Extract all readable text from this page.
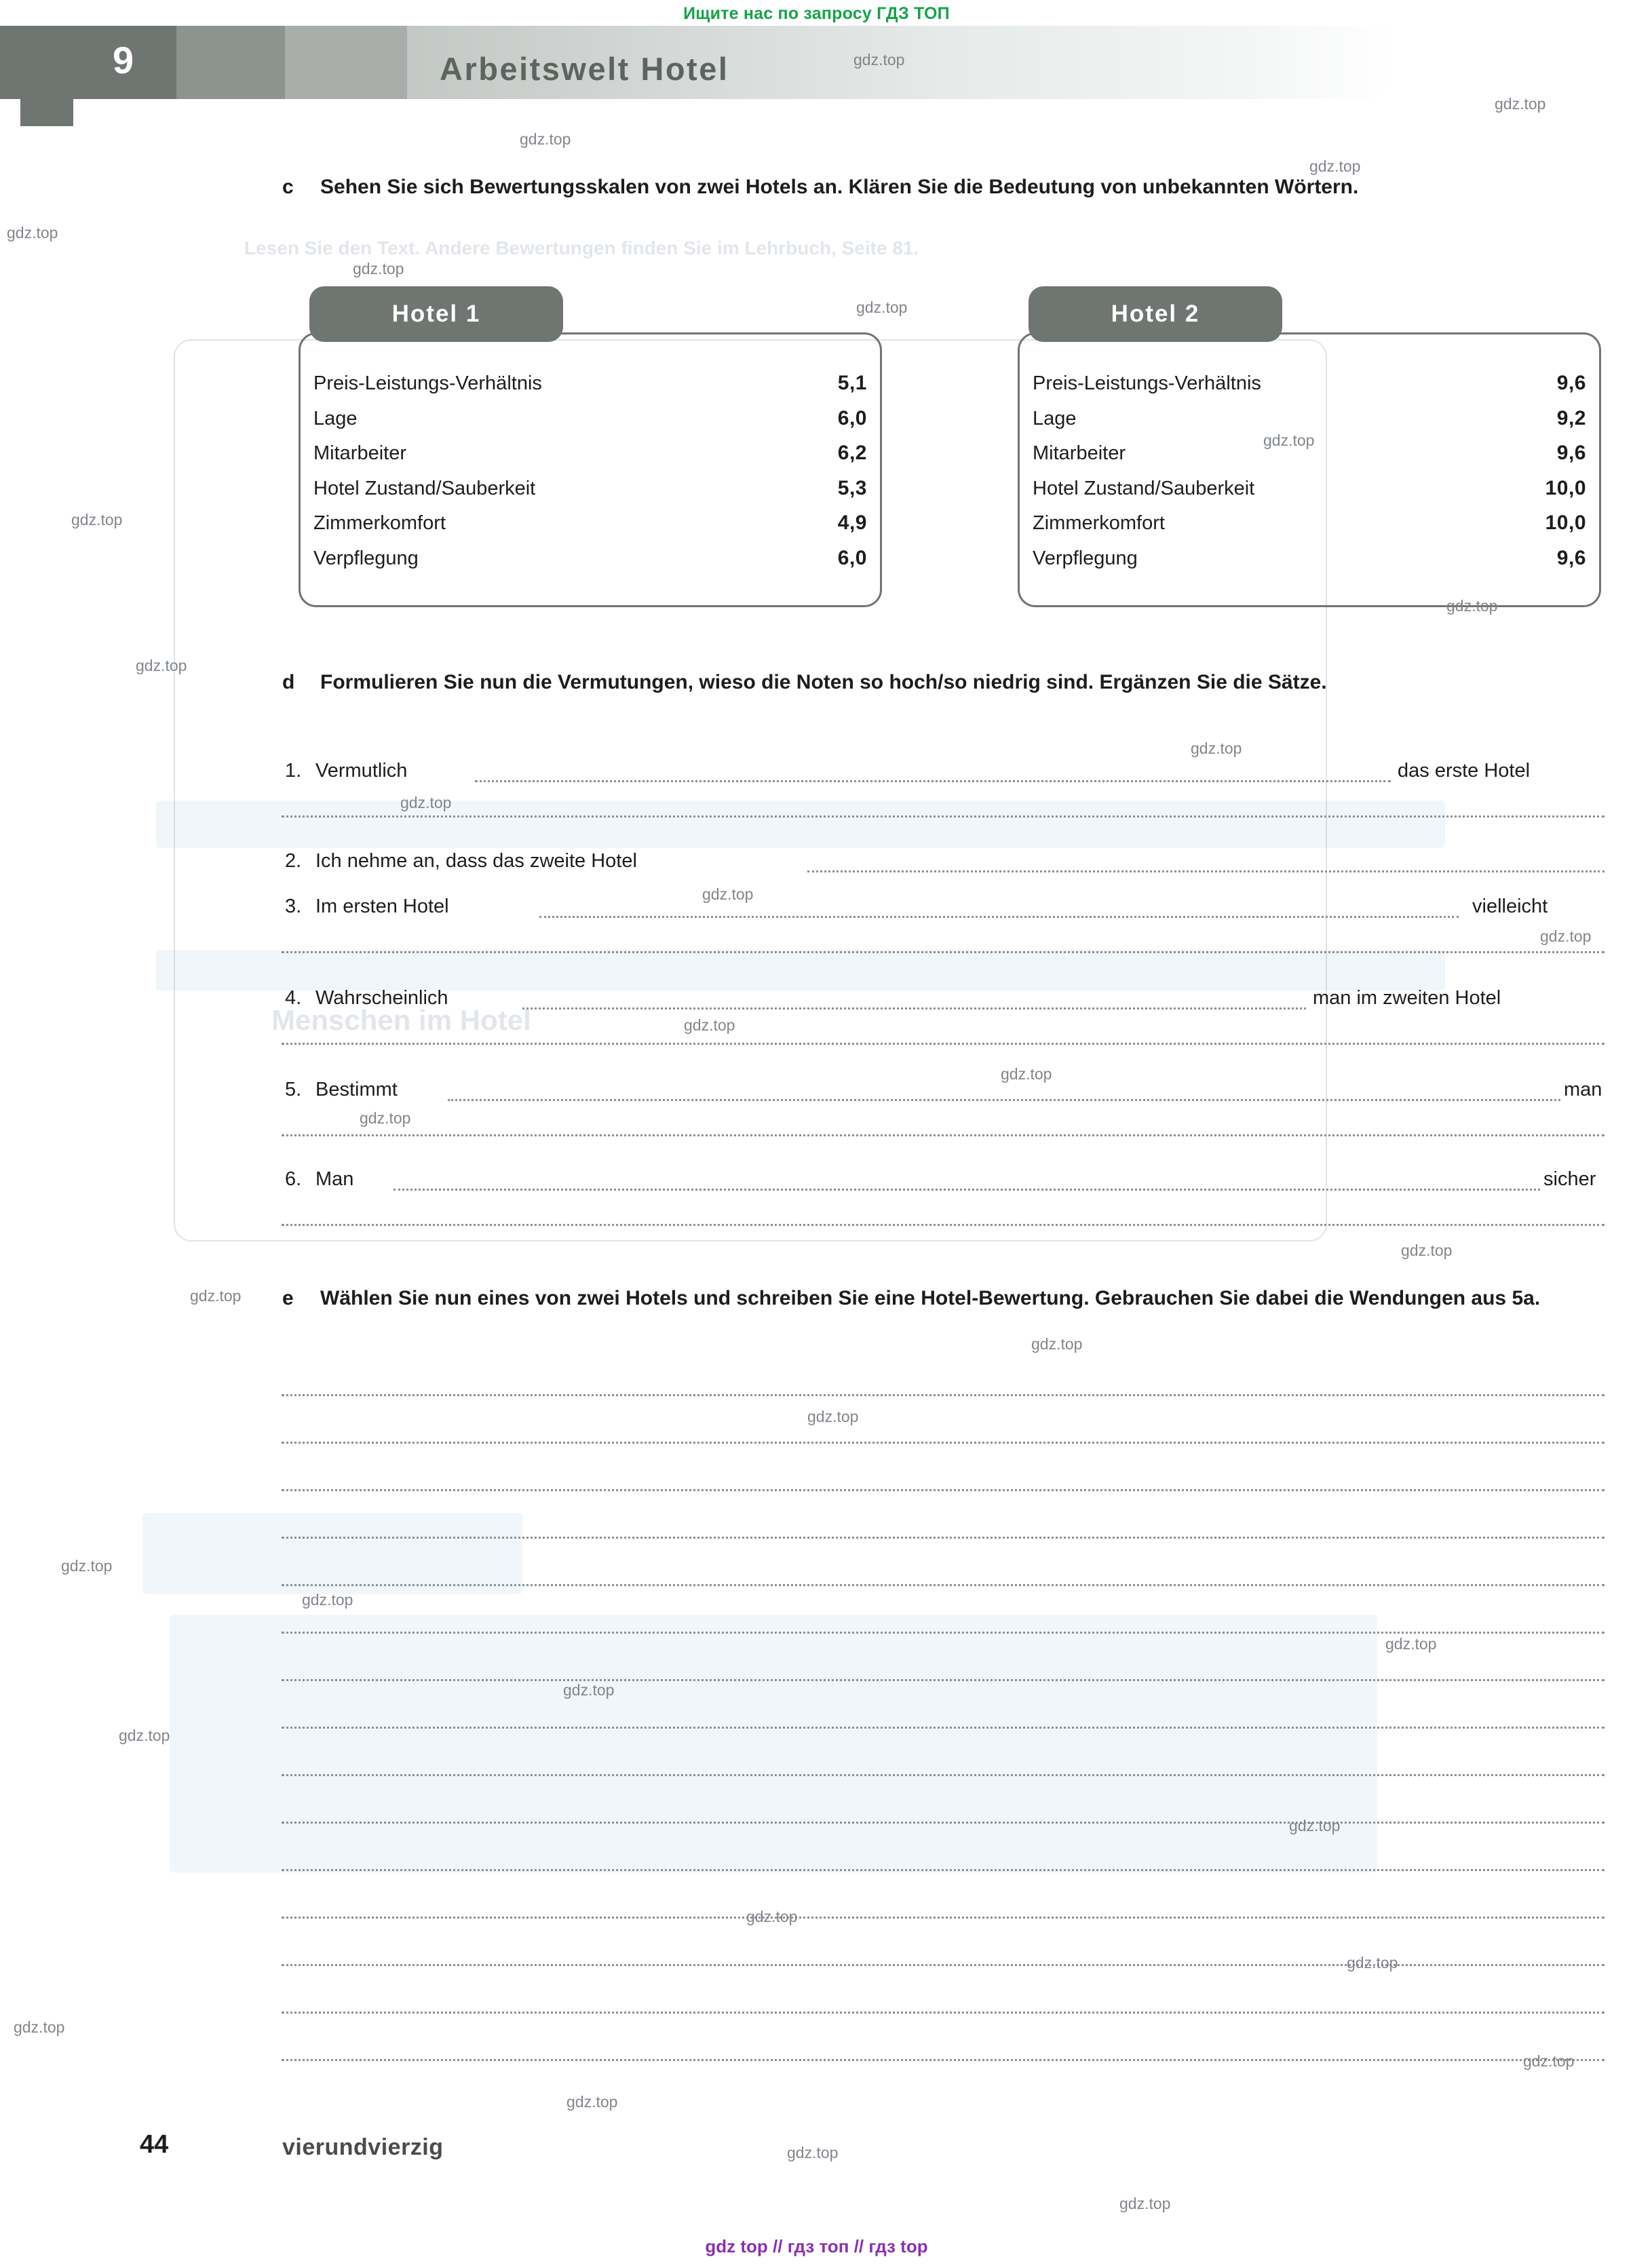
Ищите нас по запросу ГДЗ ТОП
9	Arbeitswelt Hotel
Lesen Sie den Text. Andere Bewertungen finden Sie im Lehrbuch, Seite 81.
Menschen im Hotel
c Sehen Sie sich Bewertungsskalen von zwei Hotels an. Klären Sie die Bedeutung von unbekannten Wörtern.
Hotel 1
Preis-Leistungs-Verhältnis	5,1
Lage	6,0
Mitarbeiter	6,2
Hotel Zustand/Sauberkeit	5,3
Zimmerkomfort	4,9
Verpflegung	6,0
Hotel 2
Preis-Leistungs-Verhältnis	9,6
Lage	9,2
Mitarbeiter	9,6
Hotel Zustand/Sauberkeit	10,0
Zimmerkomfort	10,0
Verpflegung	9,6
d Formulieren Sie nun die Vermutungen, wieso die Noten so hoch/so niedrig sind. Ergänzen Sie die Sätze.
1. Vermutlich	das erste Hotel
2. Ich nehme an, dass das zweite Hotel
3. Im ersten Hotel	vielleicht
4. Wahrscheinlich	man im zweiten Hotel
5. Bestimmt	man
6. Man	sicher
e Wählen Sie nun eines von zwei Hotels und schreiben Sie eine Hotel-Bewertung. Gebrauchen Sie dabei die Wendungen aus 5a.
44	vierundvierzig
gdz top // гдз топ // гдз top
gdz.top
gdz.top
gdz.top
gdz.top
gdz.top
gdz.top
gdz.top
gdz.top
gdz.top
gdz.top
gdz.top
gdz.top
gdz.top
gdz.top
gdz.top
gdz.top
gdz.top
gdz.top
gdz.top
gdz.top
gdz.top
gdz.top
gdz.top
gdz.top
gdz.top
gdz.top
gdz.top
gdz.top
gdz.top
gdz.top
gdz.top
gdz.top
gdz.top
gdz.top
gdz.top
